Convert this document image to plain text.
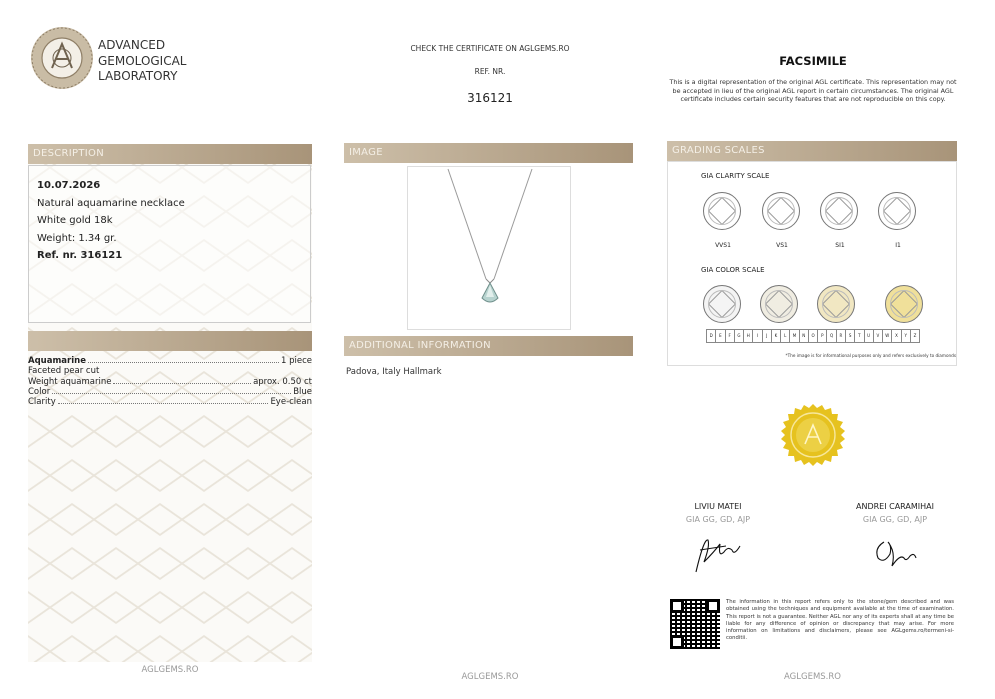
ADVANCED
GEMOLOGICAL
LABORATORY
CHECK THE CERTIFICATE ON AGLGEMS.RO
REF. NR.
316121
FACSIMILE
This is a digital representation of the original AGL certificate. This representation may not be accepted in lieu of the original AGL report in certain circumstances. The original AGL certificate includes certain security features that are not reproducible on this copy.
DESCRIPTION
10.07.2026
Natural aquamarine necklace
White gold 18k
Weight: 1.34 gr.
Ref. nr. 316121
Aquamarine	1 piece
Faceted pear cut
Weight aquamarine	aprox. 0.50 ct
Color	Blue
Clarity	Eye-clean
AGLGEMS.RO
IMAGE
ADDITIONAL INFORMATION
Padova, Italy Hallmark
AGLGEMS.RO
GRADING SCALES
GIA CLARITY SCALE
VVS1	VS1	SI1	I1
GIA COLOR SCALE
D	E	F	G	H	I	J	K	L	M	N	O	P	Q	R	S	T	U	V	W	X	Y	Z
*The image is for informational purposes only and refers exclusively to diamonds
LIVIU MATEI
GIA GG, GD, AJP
ANDREI CARAMIHAI
GIA GG, GD, AJP
The information in this report refers only to the stone/gem described and was obtained using the techniques and equipment available at the time of examination. This report is not a guarantee. Neither AGL nor any of its experts shall at any time be liable for any difference of opinion or discrepancy that may arise. For more information on limitations and disclaimers, please see AGLgems.ro/termeni-si-conditii.
AGLGEMS.RO
